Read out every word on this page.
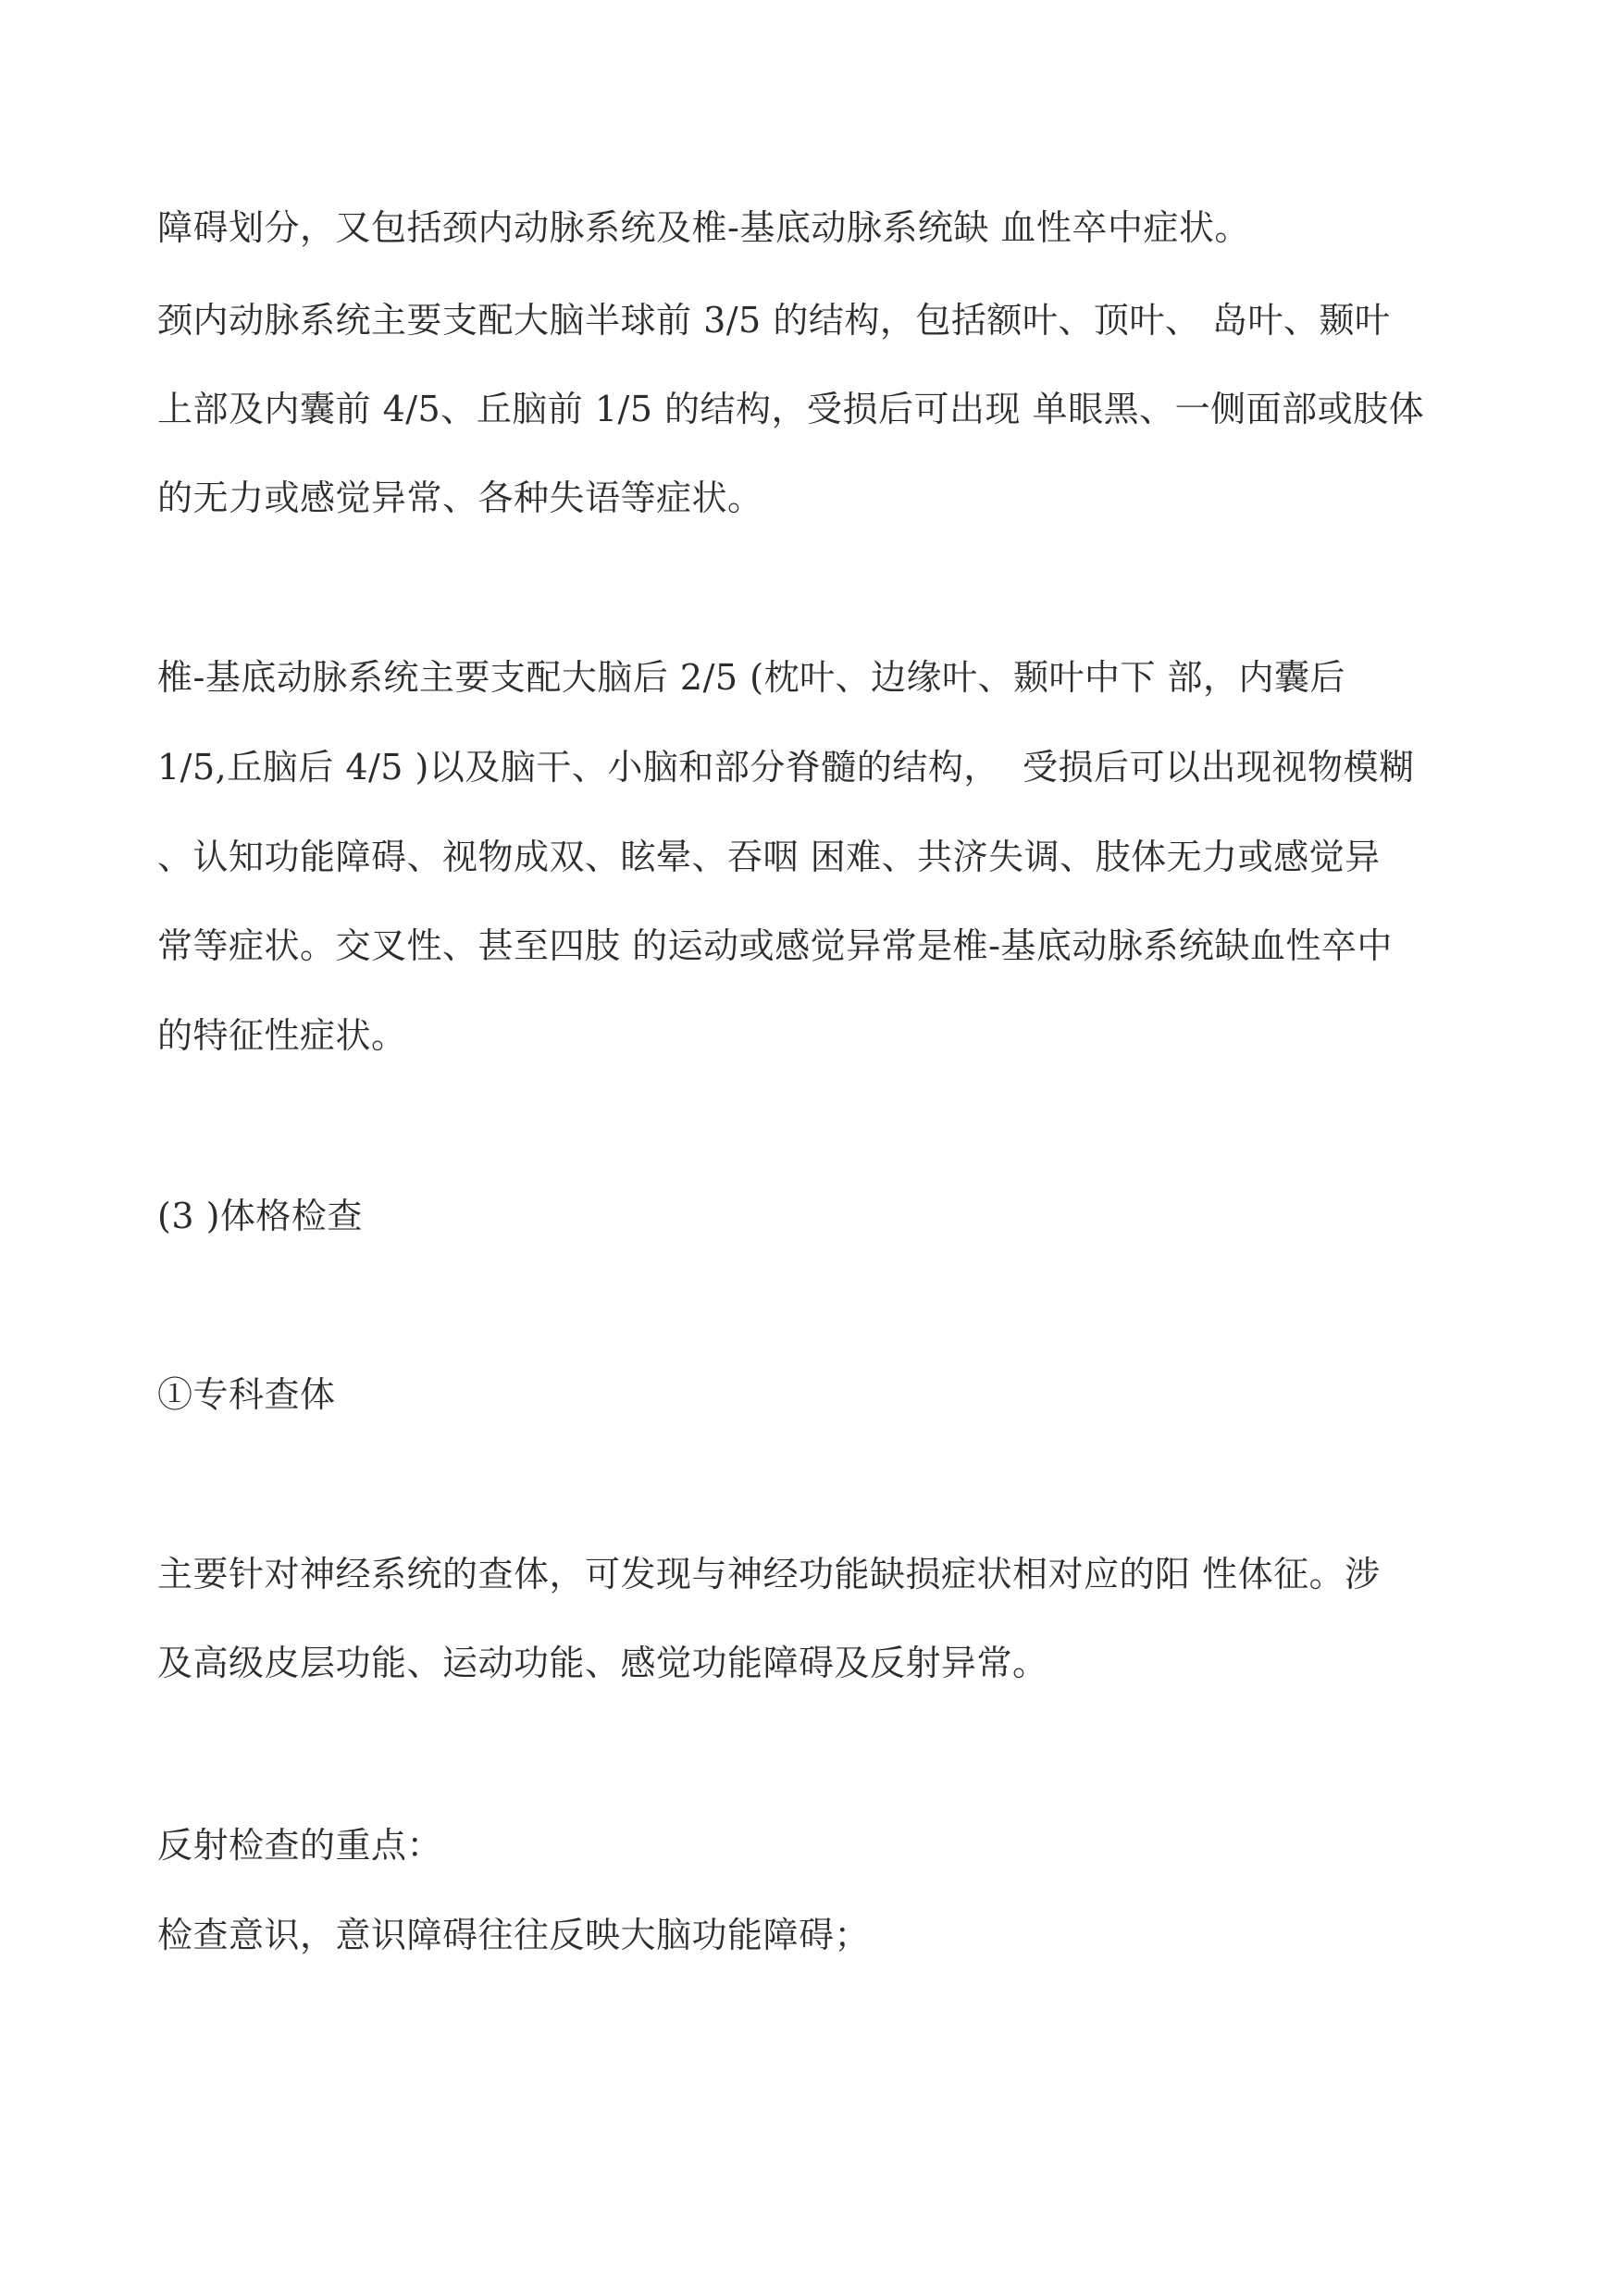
障碍划分，又包括颈内动脉系统及椎-基底动脉系统缺 血性卒中症状。
颈内动脉系统主要支配大脑半球前 3/5 的结构，包括额叶、顶叶、 岛叶、颞叶
上部及内囊前 4/5、丘脑前 1/5 的结构，受损后可出现 单眼黑、一侧面部或肢体
的无力或感觉异常、各种失语等症状。
椎-基底动脉系统主要支配大脑后 2/5 (枕叶、边缘叶、颞叶中下 部，内囊后
1/5,丘脑后 4/5 )以及脑干、小脑和部分脊髓的结构，  受损后可以出现视物模糊
、认知功能障碍、视物成双、眩晕、吞咽 困难、共济失调、肢体无力或感觉异
常等症状。交叉性、甚至四肢 的运动或感觉异常是椎-基底动脉系统缺血性卒中
的特征性症状。
(3 )体格检查
①专科查体
主要针对神经系统的查体，可发现与神经功能缺损症状相对应的阳 性体征。涉
及高级皮层功能、运动功能、感觉功能障碍及反射异常。
反射检查的重点：
检查意识，意识障碍往往反映大脑功能障碍；
